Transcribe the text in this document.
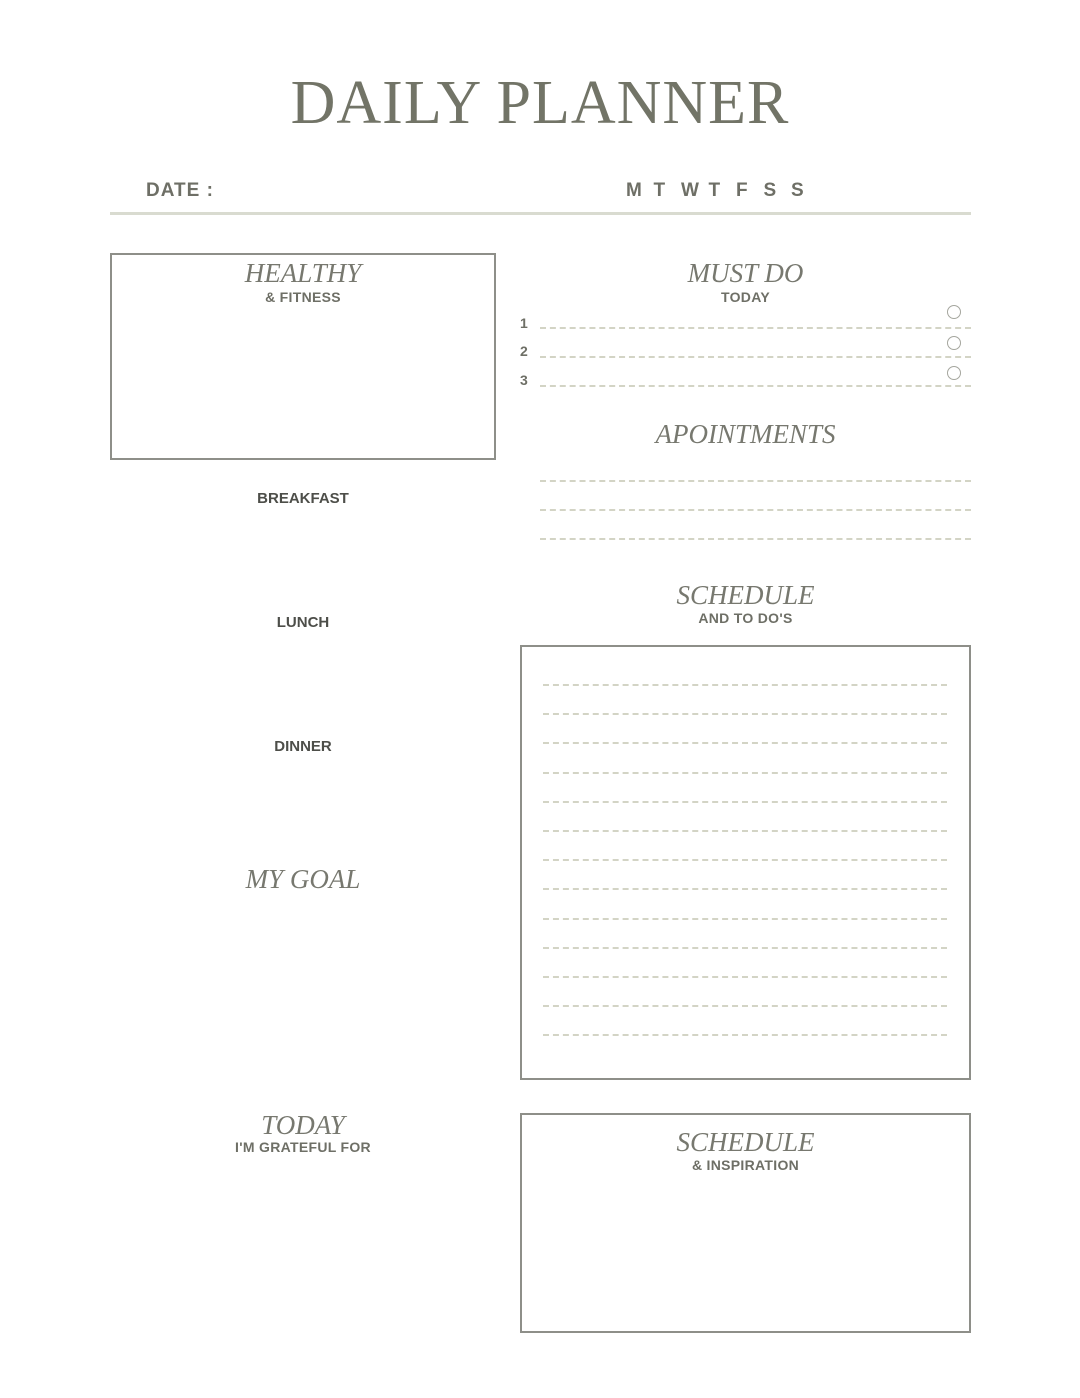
DAILY PLANNER
DATE :	M T W T F S S
HEALTHY
& FITNESS
BREAKFAST
LUNCH
DINNER
MY GOAL
TODAY
I'M GRATEFUL FOR
MUST DO
TODAY
1
2
3
APOINTMENTS
SCHEDULE
AND TO DO'S
SCHEDULE
& INSPIRATION
